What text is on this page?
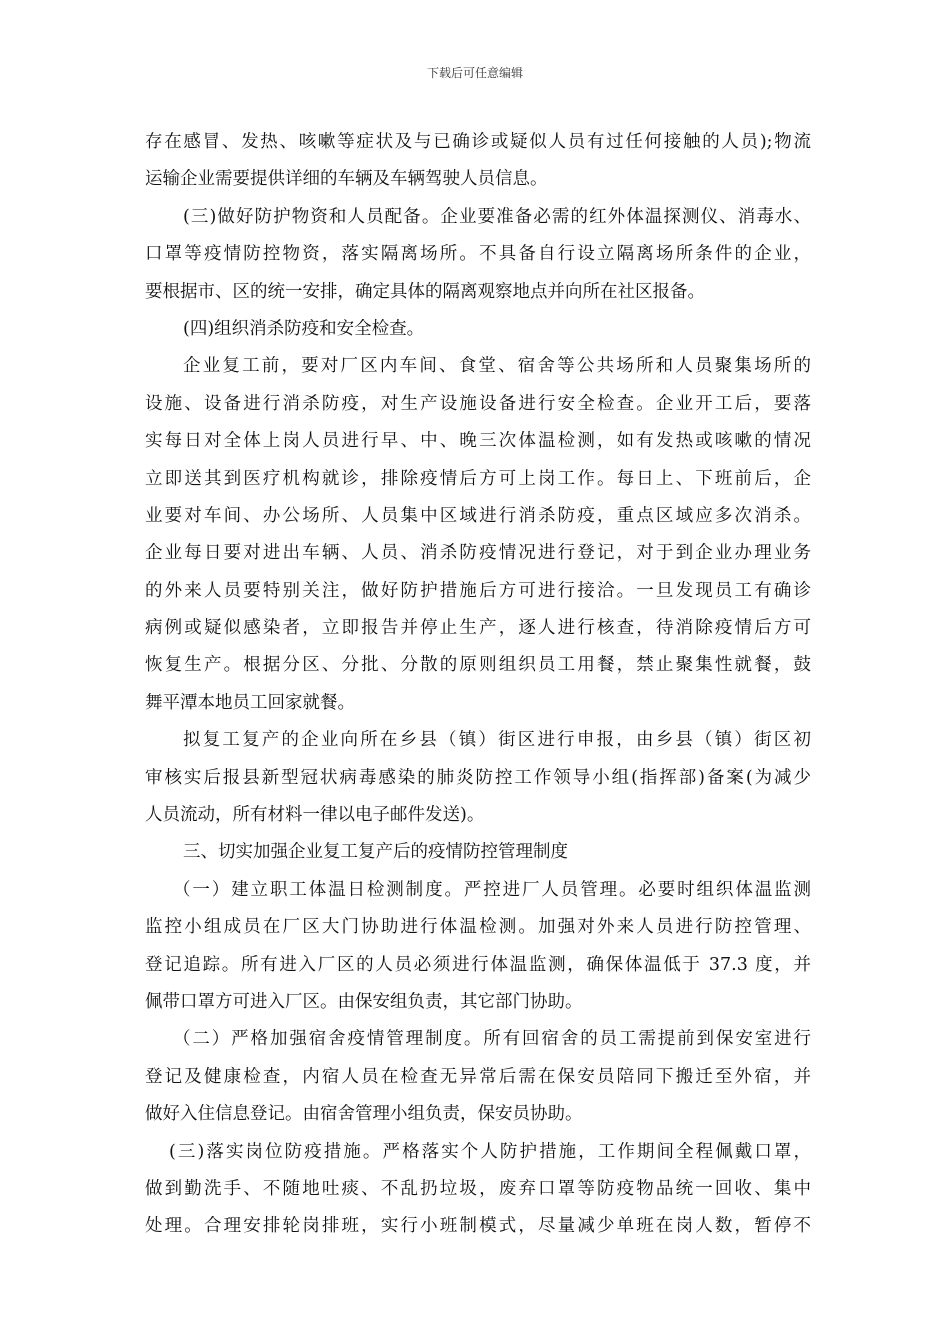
下载后可任意编辑
存在感冒、发热、咳嗽等症状及与已确诊或疑似人员有过任何接触的人员);物流
运输企业需要提供详细的车辆及车辆驾驶人员信息。
(三)做好防护物资和人员配备。企业要准备必需的红外体温探测仪、消毒水、
口罩等疫情防控物资，落实隔离场所。不具备自行设立隔离场所条件的企业，
要根据市、区的统一安排，确定具体的隔离观察地点并向所在社区报备。
(四)组织消杀防疫和安全检查。
企业复工前，要对厂区内车间、食堂、宿舍等公共场所和人员聚集场所的
设施、设备进行消杀防疫，对生产设施设备进行安全检查。企业开工后，要落
实每日对全体上岗人员进行早、中、晚三次体温检测，如有发热或咳嗽的情况
立即送其到医疗机构就诊，排除疫情后方可上岗工作。每日上、下班前后，企
业要对车间、办公场所、人员集中区域进行消杀防疫，重点区域应多次消杀。
企业每日要对进出车辆、人员、消杀防疫情况进行登记，对于到企业办理业务
的外来人员要特别关注，做好防护措施后方可进行接洽。一旦发现员工有确诊
病例或疑似感染者，立即报告并停止生产，逐人进行核查，待消除疫情后方可
恢复生产。根据分区、分批、分散的原则组织员工用餐，禁止聚集性就餐，鼓
舞平潭本地员工回家就餐。
拟复工复产的企业向所在乡县（镇）街区进行申报，由乡县（镇）街区初
审核实后报县新型冠状病毒感染的肺炎防控工作领导小组(指挥部)备案(为减少
人员流动，所有材料一律以电子邮件发送)。
三、切实加强企业复工复产后的疫情防控管理制度
（一）建立职工体温日检测制度。严控进厂人员管理。必要时组织体温监测
监控小组成员在厂区大门协助进行体温检测。加强对外来人员进行防控管理、
登记追踪。所有进入厂区的人员必须进行体温监测，确保体温低于 37.3 度，并
佩带口罩方可进入厂区。由保安组负责，其它部门协助。
（二）严格加强宿舍疫情管理制度。所有回宿舍的员工需提前到保安室进行
登记及健康检查，内宿人员在检查无异常后需在保安员陪同下搬迁至外宿，并
做好入住信息登记。由宿舍管理小组负责，保安员协助。
(三)落实岗位防疫措施。严格落实个人防护措施，工作期间全程佩戴口罩，
做到勤洗手、不随地吐痰、不乱扔垃圾，废弃口罩等防疫物品统一回收、集中
处理。合理安排轮岗排班，实行小班制模式，尽量减少单班在岗人数，暂停不
